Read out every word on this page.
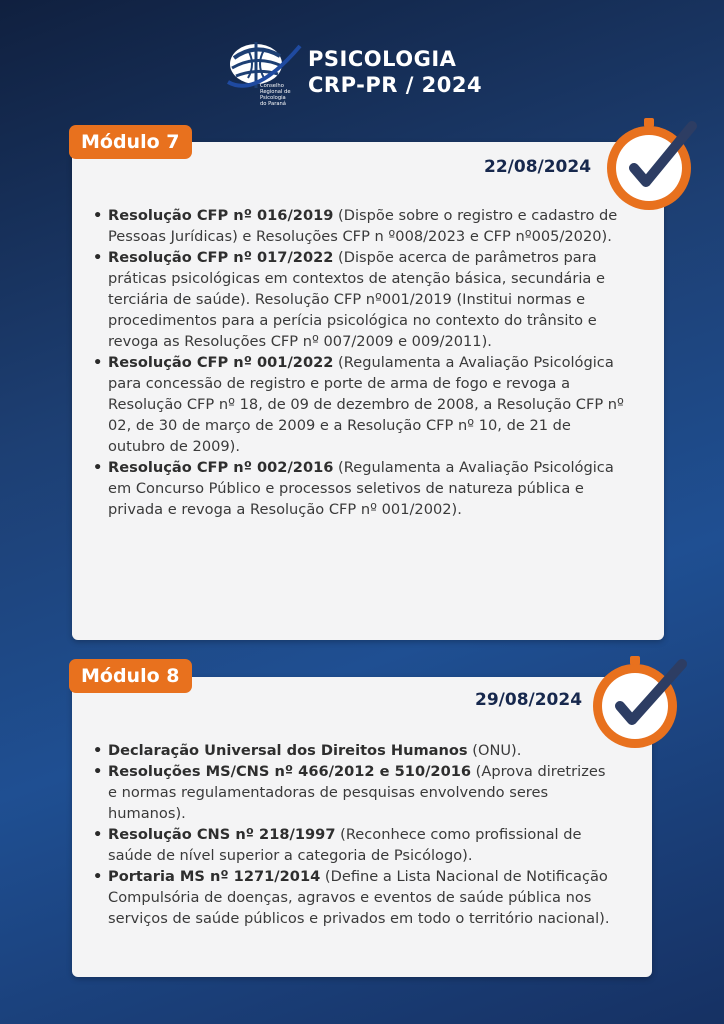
Conselho
Regional de
Psicologia
do Paraná
PSICOLOGIA
CRP-PR / 2024
Módulo 7
22/08/2024
• Resolução CFP nº 016/2019 (Dispõe sobre o registro e cadastro de Pessoas Jurídicas) e Resoluções CFP n º008/2023 e CFP nº005/2020).
• Resolução CFP nº 017/2022 (Dispõe acerca de parâmetros para práticas psicológicas em contextos de atenção básica, secundária e terciária de saúde). Resolução CFP nº001/2019 (Institui normas e procedimentos para a perícia psicológica no contexto do trânsito e revoga as Resoluções CFP nº 007/2009 e 009/2011).
• Resolução CFP nº 001/2022 (Regulamenta a Avaliação Psicológica para concessão de registro e porte de arma de fogo e revoga a Resolução CFP nº 18, de 09 de dezembro de 2008, a Resolução CFP nº 02, de 30 de março de 2009 e a Resolução CFP nº 10, de 21 de outubro de 2009).
• Resolução CFP nº 002/2016 (Regulamenta a Avaliação Psicológica em Concurso Público e processos seletivos de natureza pública e privada e revoga a Resolução CFP nº 001/2002).
Módulo 8
29/08/2024
• Declaração Universal dos Direitos Humanos (ONU).
• Resoluções MS/CNS nº 466/2012 e 510/2016 (Aprova diretrizes e normas regulamentadoras de pesquisas envolvendo seres humanos).
• Resolução CNS nº 218/1997 (Reconhece como profissional de saúde de nível superior a categoria de Psicólogo).
• Portaria MS nº 1271/2014 (Define a Lista Nacional de Notificação Compulsória de doenças, agravos e eventos de saúde pública nos serviços de saúde públicos e privados em todo o território nacional).
